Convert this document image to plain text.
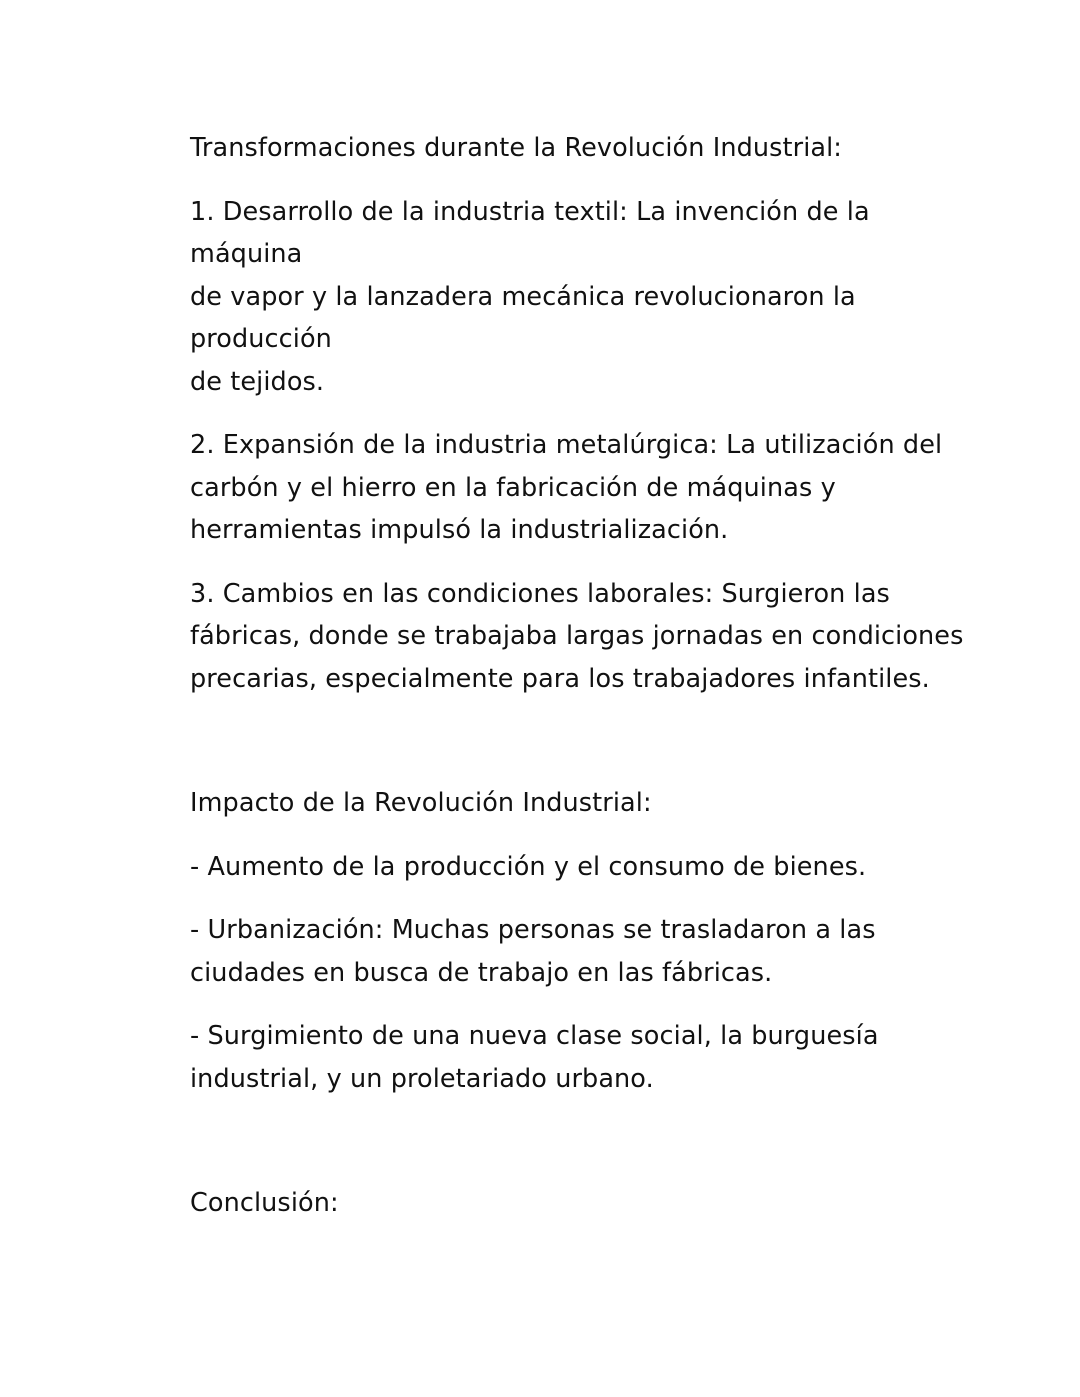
Transformaciones durante la Revolución Industrial:

1. Desarrollo de la industria textil: La invención de la máquina
de vapor y la lanzadera mecánica revolucionaron la producción
de tejidos.

2. Expansión de la industria metalúrgica: La utilización del
carbón y el hierro en la fabricación de máquinas y
herramientas impulsó la industrialización.

3. Cambios en las condiciones laborales: Surgieron las
fábricas, donde se trabajaba largas jornadas en condiciones
precarias, especialmente para los trabajadores infantiles.

Impacto de la Revolución Industrial:

- Aumento de la producción y el consumo de bienes.

- Urbanización: Muchas personas se trasladaron a las
ciudades en busca de trabajo en las fábricas.

- Surgimiento de una nueva clase social, la burguesía
industrial, y un proletariado urbano.

Conclusión:
